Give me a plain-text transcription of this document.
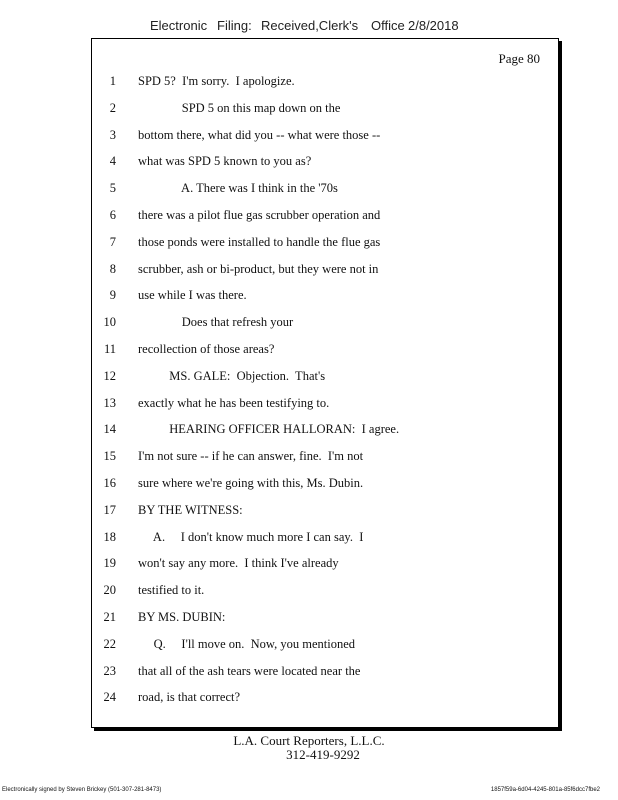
Electronic Filing: Received,Clerk's Office 2/8/2018
Page 80
1 SPD 5?  I'm sorry.  I apologize.
2 SPD 5 on this map down on the
3 bottom there, what did you -- what were those --
4 what was SPD 5 known to you as?
5 A. There was I think in the '70s
6 there was a pilot flue gas scrubber operation and
7 those ponds were installed to handle the flue gas
8 scrubber, ash or bi-product, but they were not in
9 use while I was there.
10 Does that refresh your
11 recollection of those areas?
12 MS. GALE:  Objection.  That's
13 exactly what he has been testifying to.
14 HEARING OFFICER HALLORAN:  I agree.
15 I'm not sure -- if he can answer, fine.  I'm not
16 sure where we're going with this, Ms. Dubin.
17 BY THE WITNESS:
18 A.     I don't know much more I can say.  I
19 won't say any more.  I think I've already
20 testified to it.
21 BY MS. DUBIN:
22 Q.     I'll move on.  Now, you mentioned
23 that all of the ash tears were located near the
24 road, is that correct?
L.A. Court Reporters, L.L.C.
312-419-9292
Electronically signed by Steven Brickey (501-307-281-8473)	1857f59a-6d04-4245-801a-85f6dcc7fbe2
